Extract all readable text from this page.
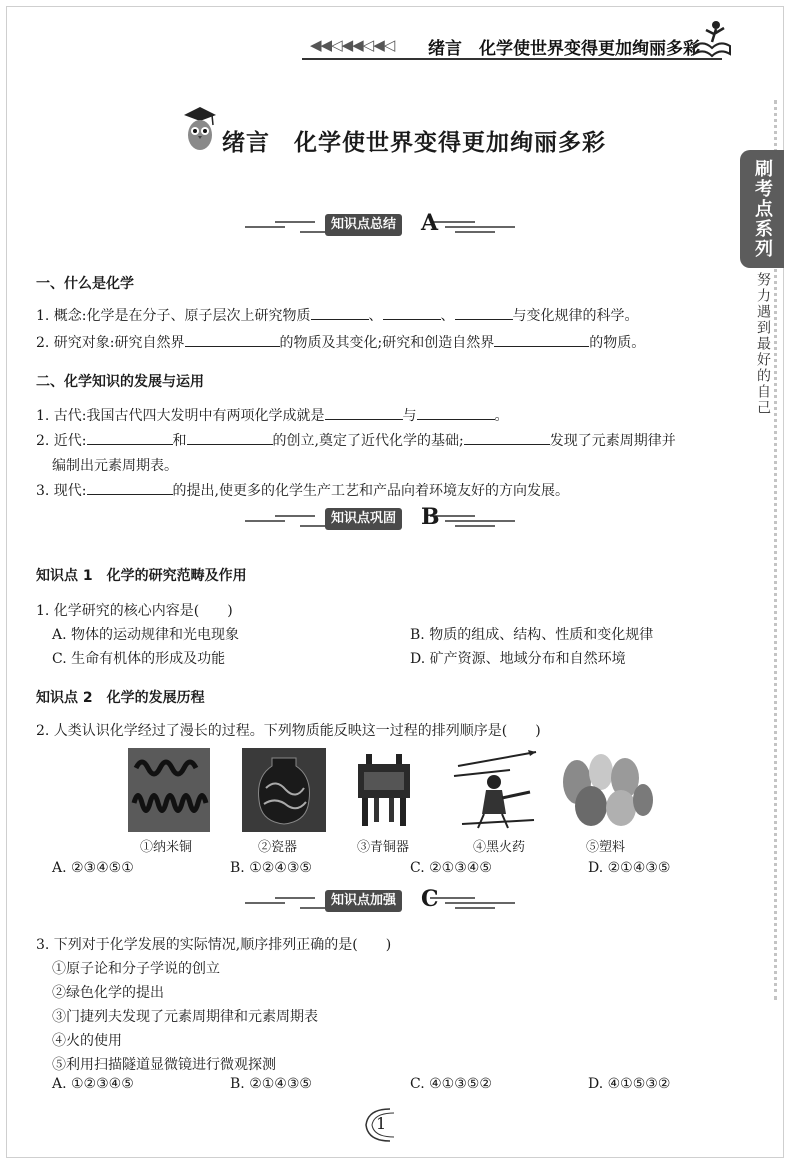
◀◀◁◀◀◁◀◁ 绪言　化学使世界变得更加绚丽多彩
刷考点系列
努力遇到最好的自己
绪言　化学使世界变得更加绚丽多彩
知识点总结 A
一、什么是化学
1. 概念:化学是在分子、原子层次上研究物质	、	、	与变化规律的科学。
2. 研究对象:研究自然界	的物质及其变化;研究和创造自然界	的物质。
二、化学知识的发展与运用
1. 古代:我国古代四大发明中有两项化学成就是	与	。
2. 近代:	和	的创立,奠定了近代化学的基础;	发现了元素周期律并
编制出元素周期表。
3. 现代:	的提出,使更多的化学生产工艺和产品向着环境友好的方向发展。
知识点巩固 B
知识点 1　化学的研究范畴及作用
1. 化学研究的核心内容是(　　)
A. 物体的运动规律和光电现象	B. 物质的组成、结构、性质和变化规律
C. 生命有机体的形成及功能	D. 矿产资源、地域分布和自然环境
知识点 2　化学的发展历程
2. 人类认识化学经过了漫长的过程。下列物质能反映这一过程的排列顺序是(　　)
①纳米铜	②瓷器	③青铜器	④黑火药	⑤塑料
A. ②③④⑤①	B. ①②④③⑤	C. ②①③④⑤	D. ②①④③⑤
知识点加强 C
3. 下列对于化学发展的实际情况,顺序排列正确的是(　　)
①原子论和分子学说的创立
②绿色化学的提出
③门捷列夫发现了元素周期律和元素周期表
④火的使用
⑤利用扫描隧道显微镜进行微观探测
A. ①②③④⑤	B. ②①④③⑤	C. ④①③⑤②	D. ④①⑤③②
1
